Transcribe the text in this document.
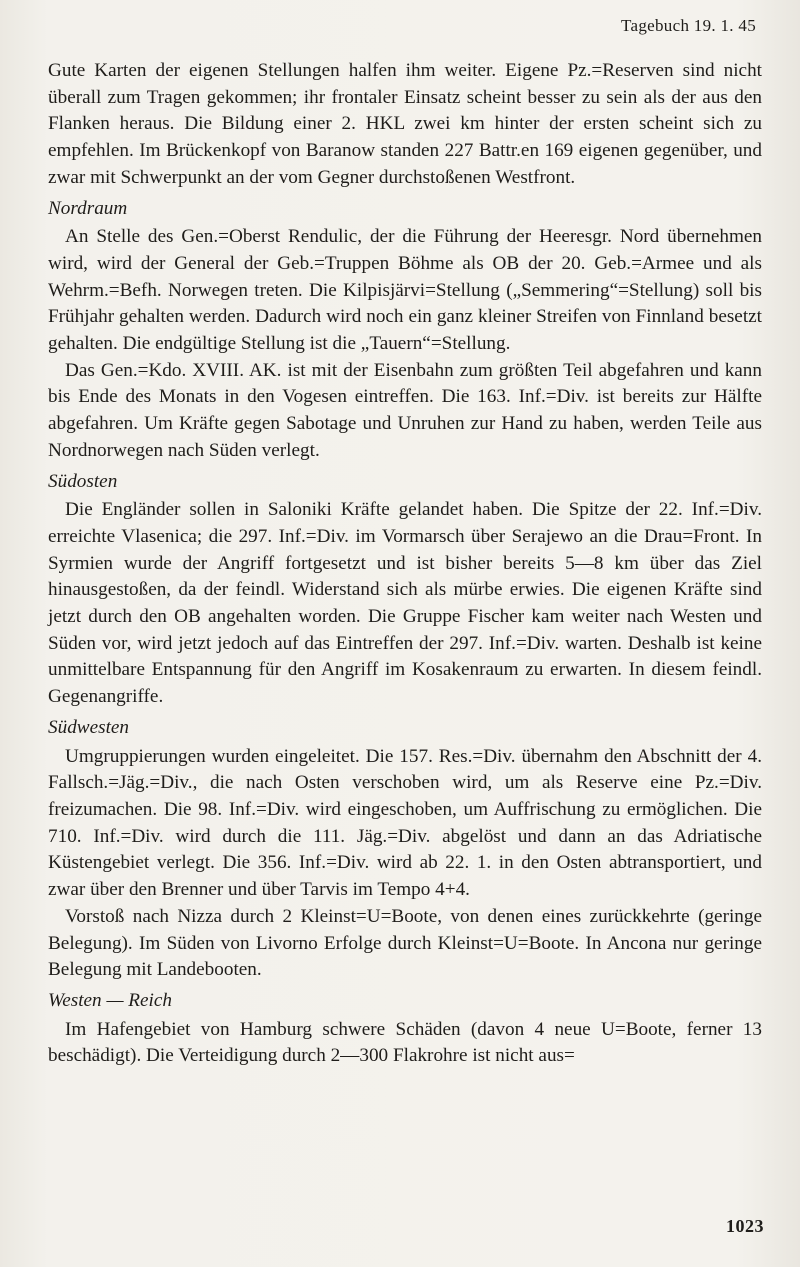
Tagebuch 19. 1. 45

Gute Karten der eigenen Stellungen halfen ihm weiter. Eigene Pz.=Reserven sind nicht überall zum Tragen gekommen; ihr frontaler Einsatz scheint besser zu sein als der aus den Flanken heraus. Die Bildung einer 2. HKL zwei km hinter der ersten scheint sich zu empfehlen. Im Brückenkopf von Baranow standen 227 Battr.en 169 eigenen gegenüber, und zwar mit Schwerpunkt an der vom Gegner durchstoßenen Westfront.

Nordraum

An Stelle des Gen.=Oberst Rendulic, der die Führung der Heeresgr. Nord übernehmen wird, wird der General der Geb.=Truppen Böhme als OB der 20. Geb.=Armee und als Wehrm.=Befh. Norwegen treten. Die Kilpisjärvi=Stellung („Semmering“=Stellung) soll bis Frühjahr gehalten werden. Dadurch wird noch ein ganz kleiner Streifen von Finnland besetzt gehalten. Die endgültige Stellung ist die „Tauern“=Stellung.

Das Gen.=Kdo. XVIII. AK. ist mit der Eisenbahn zum größten Teil abgefahren und kann bis Ende des Monats in den Vogesen eintreffen. Die 163. Inf.=Div. ist bereits zur Hälfte abgefahren. Um Kräfte gegen Sabotage und Unruhen zur Hand zu haben, werden Teile aus Nordnorwegen nach Süden verlegt.

Südosten

Die Engländer sollen in Saloniki Kräfte gelandet haben. Die Spitze der 22. Inf.=Div. erreichte Vlasenica; die 297. Inf.=Div. im Vormarsch über Serajewo an die Drau=Front. In Syrmien wurde der Angriff fortgesetzt und ist bisher bereits 5—8 km über das Ziel hinausgestoßen, da der feindl. Widerstand sich als mürbe erwies. Die eigenen Kräfte sind jetzt durch den OB angehalten worden. Die Gruppe Fischer kam weiter nach Westen und Süden vor, wird jetzt jedoch auf das Eintreffen der 297. Inf.=Div. warten. Deshalb ist keine unmittelbare Entspannung für den Angriff im Kosakenraum zu erwarten. In diesem feindl. Gegenangriffe.

Südwesten

Umgruppierungen wurden eingeleitet. Die 157. Res.=Div. übernahm den Abschnitt der 4. Fallsch.=Jäg.=Div., die nach Osten verschoben wird, um als Reserve eine Pz.=Div. freizumachen. Die 98. Inf.=Div. wird eingeschoben, um Auffrischung zu ermöglichen. Die 710. Inf.=Div. wird durch die 111. Jäg.=Div. abgelöst und dann an das Adriatische Küstengebiet verlegt. Die 356. Inf.=Div. wird ab 22. 1. in den Osten abtransportiert, und zwar über den Brenner und über Tarvis im Tempo 4+4.

Vorstoß nach Nizza durch 2 Kleinst=U=Boote, von denen eines zurückkehrte (geringe Belegung). Im Süden von Livorno Erfolge durch Kleinst=U=Boote. In Ancona nur geringe Belegung mit Landebooten.

Westen — Reich

Im Hafengebiet von Hamburg schwere Schäden (davon 4 neue U=Boote, ferner 13 beschädigt). Die Verteidigung durch 2—300 Flakrohre ist nicht aus=

1023
